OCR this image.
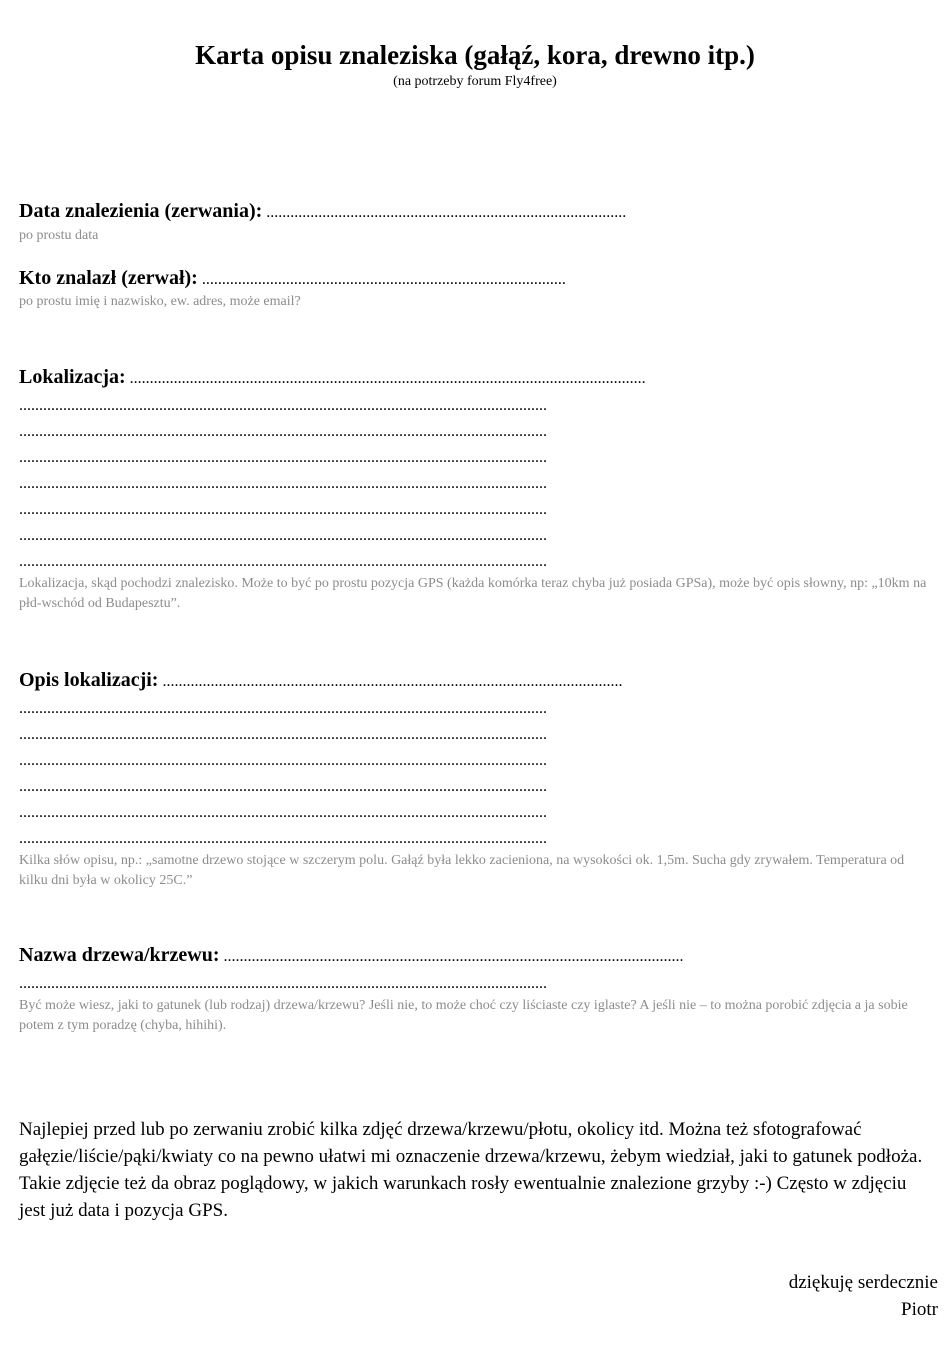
Karta opisu znaleziska (gałąź, kora, drewno itp.)
(na potrzeby forum Fly4free)
Data znalezienia (zerwania): ..........................................................................................
po prostu data
Kto znalazł (zerwał): ...........................................................................................
po prostu imię i nazwisko, ew. adres, może email?
Lokalizacja: .................................................................................................................................
....................................................................................................................................
....................................................................................................................................
....................................................................................................................................
....................................................................................................................................
....................................................................................................................................
....................................................................................................................................
....................................................................................................................................
Lokalizacja, skąd pochodzi znalezisko. Może to być po prostu pozycja GPS (każda komórka teraz chyba już posiada GPSa), może być opis słowny, np: „10km na płd-wschód od Budapesztu”.
Opis lokalizacji: ...................................................................................................................
....................................................................................................................................
....................................................................................................................................
....................................................................................................................................
....................................................................................................................................
....................................................................................................................................
....................................................................................................................................
Kilka słów opisu, np.: „samotne drzewo stojące w szczerym polu. Gałąź była lekko zacieniona, na wysokości ok. 1,5m. Sucha gdy zrywałem. Temperatura od kilku dni była w okolicy 25C.”
Nazwa drzewa/krzewu: ...................................................................................................................
....................................................................................................................................
Być może wiesz, jaki to gatunek (lub rodzaj) drzewa/krzewu? Jeśli nie, to może choć czy liściaste czy iglaste? A jeśli nie – to można porobić zdjęcia a ja sobie potem z tym poradzę (chyba, hihihi).
Najlepiej przed lub po zerwaniu zrobić kilka zdjęć drzewa/krzewu/płotu, okolicy itd. Można też sfotografować gałęzie/liście/pąki/kwiaty co na pewno ułatwi mi oznaczenie drzewa/krzewu, żebym wiedział, jaki to gatunek podłoża. Takie zdjęcie też da obraz poglądowy, w jakich warunkach rosły ewentualnie znalezione grzyby :-) Często w zdjęciu jest już data i pozycja GPS.
dziękuję serdecznie
Piotr
